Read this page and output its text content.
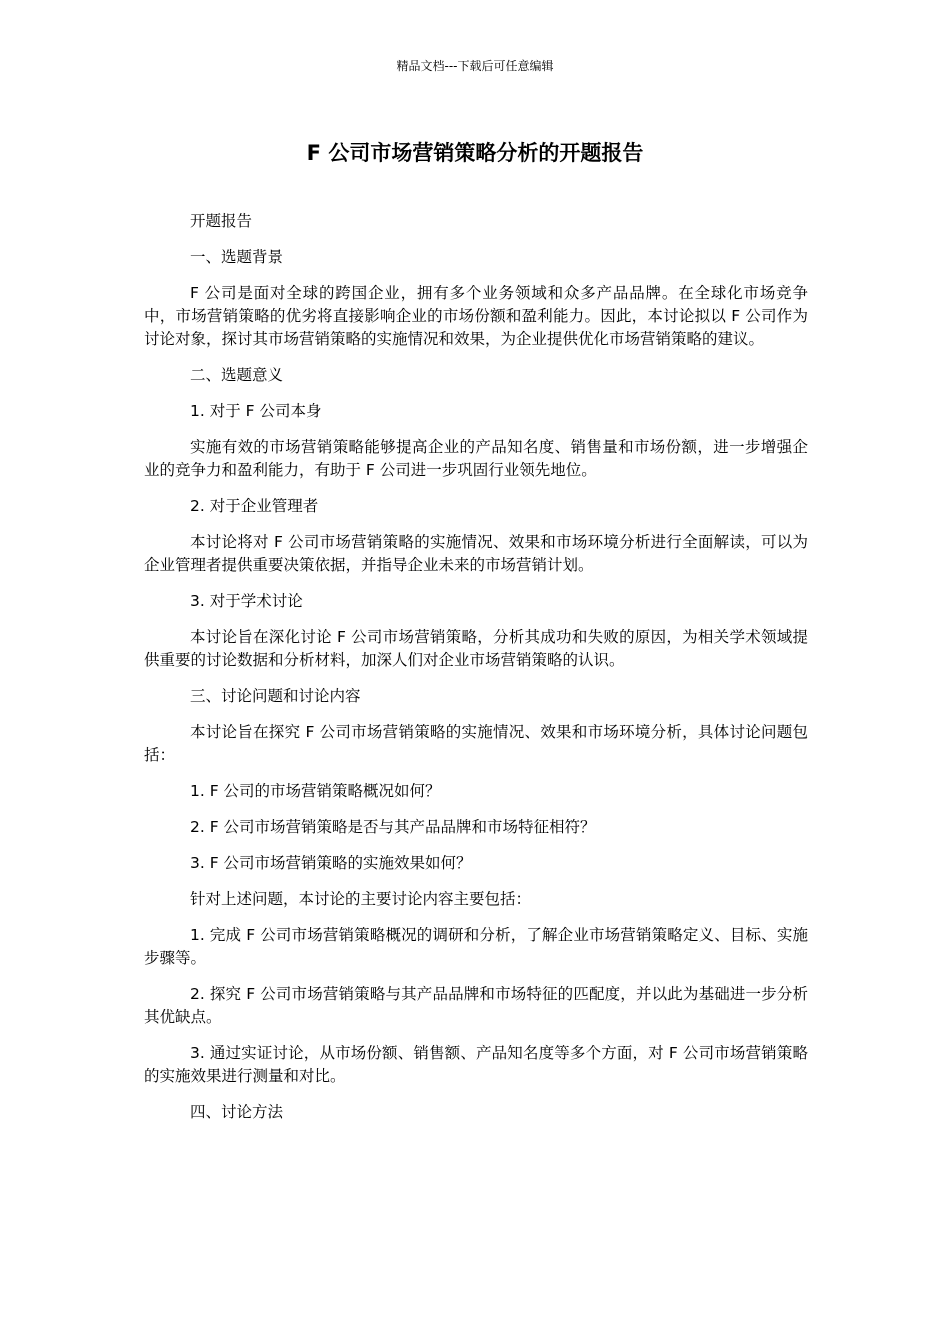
精品文档---下载后可任意编辑
F 公司市场营销策略分析的开题报告

开题报告

一、选题背景

F 公司是面对全球的跨国企业，拥有多个业务领域和众多产品品牌。在全球化市场竞争中，市场营销策略的优劣将直接影响企业的市场份额和盈利能力。因此，本讨论拟以 F 公司作为讨论对象，探讨其市场营销策略的实施情况和效果，为企业提供优化市场营销策略的建议。

二、选题意义

1. 对于 F 公司本身

实施有效的市场营销策略能够提高企业的产品知名度、销售量和市场份额，进一步增强企业的竞争力和盈利能力，有助于 F 公司进一步巩固行业领先地位。

2. 对于企业管理者

本讨论将对 F 公司市场营销策略的实施情况、效果和市场环境分析进行全面解读，可以为企业管理者提供重要决策依据，并指导企业未来的市场营销计划。

3. 对于学术讨论

本讨论旨在深化讨论 F 公司市场营销策略，分析其成功和失败的原因，为相关学术领域提供重要的讨论数据和分析材料，加深人们对企业市场营销策略的认识。

三、讨论问题和讨论内容

本讨论旨在探究 F 公司市场营销策略的实施情况、效果和市场环境分析，具体讨论问题包括：

1. F 公司的市场营销策略概况如何？

2. F 公司市场营销策略是否与其产品品牌和市场特征相符？

3. F 公司市场营销策略的实施效果如何？

针对上述问题，本讨论的主要讨论内容主要包括：

1. 完成 F 公司市场营销策略概况的调研和分析，了解企业市场营销策略定义、目标、实施步骤等。

2. 探究 F 公司市场营销策略与其产品品牌和市场特征的匹配度，并以此为基础进一步分析其优缺点。

3. 通过实证讨论，从市场份额、销售额、产品知名度等多个方面，对 F 公司市场营销策略的实施效果进行测量和对比。

四、讨论方法
